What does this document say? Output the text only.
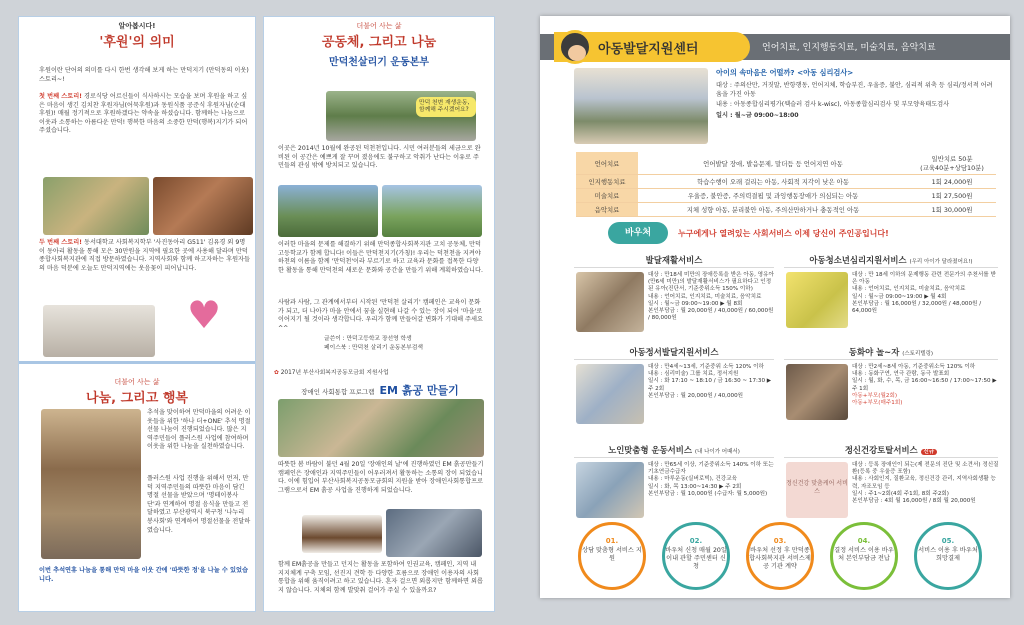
알아봅시다!
'후원'의 의미
후원이란 단어의 의미를 다시 한번 생각해 보게 하는 만덕지기 (만덕동의 이웃) 스토리~!
첫 번째 스토리! 경로식당 어르신들이 식사하시는 모습을 보며 후원을 하고 싶은 마음이 생긴 김치찬 후원자님(어묵후원)과 동원식품 공준식 후원자님(순대후원)! 매월 정기적으로 후원하겠다는 약속을 하셨습니다. 함께하는 나눔으로 이웃과 소통하는 아름다운 만덕! 행복한 마음의 소중한 만덕(행복)지기가 되어 주셨습니다.
두 번째 스토리! 동서대학교 사회복지학부 '사진동아리 G511' 김유경 외 9명이 동아리 활동을 통해 모은 30만원을 지역에 필요한 곳에 사용해 달라며 만덕종합사회복지관에 직접 방문하였습니다. 지역사회와 함께 하고자하는 후원자들의 마음 덕분에 오늘도 만덕지역에는 웃음꽃이 피어납니다.
♥
더불어 사는 삶
나눔, 그리고 행복
추석을 맞이하여 만덕마을의 어려운 이웃들을 위한 '하나 더+ONE' 추석 명절 선물 나눔이 진행되었습니다. 많은 지역주민들이 플러스원 사업에 참여하며 이웃을 위한 나눔을 실천하였습니다.
플러스원 사업 진행을 위해서 먼저, 만덕 지역주민들의 따뜻한 마음이 담긴 명절 선물을 받았으며 '명테이봉사단'과 연계하여 명절 음식을 만들고 전달하였고 부산광역시 북구청 '나누리 봉사회'와 연계하여 명절선물을 전달하였습니다.
이번 추석연휴 나눔을 통해 만덕 마을 이웃 간에 '따뜻한 정'을 나눌 수 있었습니다.
더불어 사는 삶
공동체, 그리고 나눔
만덕천살리기 운동본부
만덕 천변 재생운동, 함께해 주시겠어요?
이곳은 2014년 10월에 완공된 덕천천입니다. 시민 여러분들의 세금으로 완비된 이 공간은 예쁘게 잘 꾸며 졌음에도 불구하고 악취가 난다는 이유로 주민들의 관심 밖에 방치되고 있습니다.
이러한 마을의 문제를 해결하기 위해 만덕종합사회복지관 고치 공동체, 만덕고등학교가 함께 합니다! 이들은 만덕천지기(가칭)! 우리는 덕천천을 지켜야 하천의 이름을 함께 '만덕천'이라 부르기로 하고 교육과 문화를 접목한 다양한 활동을 통해 만덕천의 새로운 문화와 공간을 만들기 위해 계획하였습니다.
사람과 사람, 그 관계에서부터 시작된 '만덕천 살리기' 캠페인은 교육이 문화가 되고, 더 나아가 마을 안에서 꿈을 실현해 나갈 수 있는 장이 되어 '마을'로 이어지기 될 것이라 생각합니다. 우리가 함께 만들어갈 변화가 기대해 주세요 ^^
글쓴이 : 만덕고등학교 장선영 학생
페이스북 : 만덕천 살리기 운동본부검색
✿ 2017년 부산사회복지공동모금회 지원사업
장애인 사회통합 프로그램 EM 흙공 만들기
따뜻한 봄 바람이 불던 4월 20일 '장애인의 날'에 진행하였던 EM 흙공만들기 캠페인은 장애인과 지역주민들이 어우러져서 활동하는 소통의 장이 되었습니다. 이에 힘입어 부산사회복지공동모금회의 지원을 받아 장애인사회통합프로그램으로서 EM 흙공 사업을 진행하게 되었습니다.
함께 EM흙공을 만들고 던지는 활동을 포함하여 인권교육, 캠페인, 지역 내 지지체계 구축 모임, 선진지 견학 등 다양한 흐름으로 장애인 이용자의 사회통합을 위해 움직이려고 하고 있습니다. 혼자 걸으면 외롭지만 함께하면 외롭지 않습니다. 지체의 함께 발맞춰 걸어가 주실 수 있을까요?
아동발달지원센터	언어치료, 인지행동치료, 미술치료, 음악치료
아이의 속마음은 어떨까? <아동 심리검사>
대상 : 주의산만, 거짓말, 반항행동, 언어지체, 학습부진, 우울증, 불안, 심리적 위축 등 심리/정서적 어려움을 가진 아동
내용 : 아동종합심리평가(웩슬러 검사 k-wisc), 아동종합심리검사 및 부모양육태도검사
일시 : 월~금 09:00~18:00
언어치료	언어발달 장애, 발음문제, 말더듬 등 언어지연 아동	일반치료 50분
(교육40분+상담10분)

인지행동치료	학습수행이 오래 걸리는 아동, 사회적 지각이 낮은 아동	1회 24,000원
미술치료	우울증, 불안증, 주의력결핍 및 과잉행동장애가 의심되는 아동	1회 27,500원
음악치료	지체 성향 아동, 분리불안 아동, 주의산만하거나 충동적인 아동	1회 30,000원
바우처	누구에게나 열려있는 사회서비스 이제 당신이 주인공입니다!
발달재활서비스
대상 : 만18세 미만의 장애등록을 받은 아동, 영유아(만6세 미만)의 발달재활서비스가 필요하다고 인정된 유아(진단서, 기준중위소득 150% 이하)
내용 : 언어치료, 인지치료, 미술치료, 음악치료
일시 : 월~금 09:00~19:00 ▶ 월 8회
본인부담금 : 월 20,000원 / 40,000원 / 60,000원 / 80,000원
아동청소년심리지원서비스 (우리 아이가 달라졌어요!)
대상 : 만 18세 이하의 문제행동 관련 전문가의 추천서를 받은 아동
내용 : 언어치료, 인지치료, 미술치료, 음악치료
일시 : 월~금 09:00~19:00 ▶ 월 4회
본인부담금 : 월 16,000원 / 32,000원 / 48,000원 / 64,000원
아동정서발달지원서비스
대상 : 만4세~13세, 기준중위 소득 120% 이하
내용 : 심리미술) 그룹 치료, 정서지원
일시 : 화 17:10 ~ 18:10 / 금 16:30 ~ 17:30 ▶ 주 2회
본인부담금 : 월 20,000원 / 40,000원
동화야 놀~자 (스토리텔링)
대상 : 만2세~8세 아동, 기준중위소득 120% 이하
내용 : 동화구연, 연극 관람, 동극 발표회
일시 : 월, 화, 수, 목, 금 16:00~16:50 / 17:00~17:50 ▶ 주 1회
아동+부모(월2회)
아동+부모(매주1회)
노인맞춤형 운동서비스 (내 나이가 어때서)
대상 : 만65세 이상, 기준중위소득 140% 이하 또는 기초연금수급자
내용 : 마루운동(실버로빅), 건강교육
일시 : 화, 목 13:00~14:30 ▶ 주 2회
본인부담금 : 월 10,000원 (수급자: 월 5,000원)
정신건강토탈서비스 신규
정신건강 맞춤케어 서비스
대상 : 등록 장애인이 되는(제 전문의 진단 및 소견서) 정신질환(등록 중 우울증 포함)
내용 : 사회인지, 질환교육, 정신건강 관리, 지역사회생활 능력, 자조모임 등
일시 : 주1~2회(4회 주1회, 8회 주2회)
본인부담금 : 4회 월 16,000원 / 8회 월 20,000원
01.
상담 맞춤형 서비스 지원
02.
바우처 신청 매월 20일 이내 관할 주민센터 신청
03.
바우처 선정 후 만덕종합사회복지관 서비스제공 기관 계약
04.
결정 서비스 이용 바우처 본인부담금 전납
05.
서비스 이용 후 바우처 희망결제
